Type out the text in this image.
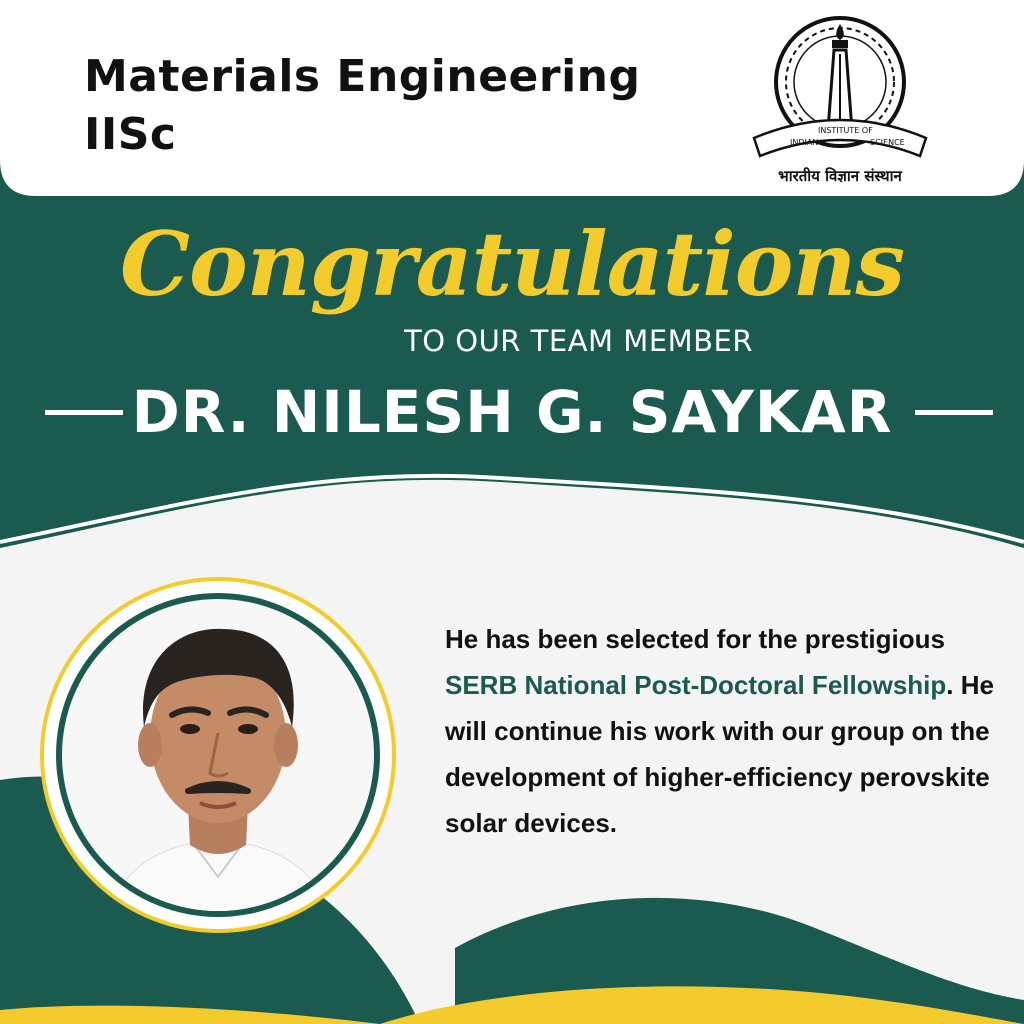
Materials Engineering
IISc	INDIAN
INSTITUTE OF
SCIENCE
भारतीय विज्ञान संस्थान
Congratulations
TO OUR TEAM MEMBER
DR. NILESH G. SAYKAR

He has been selected for the prestigious SERB National Post-Doctoral Fellowship. He will continue his work with our group on the development of higher-efficiency perovskite solar devices.
